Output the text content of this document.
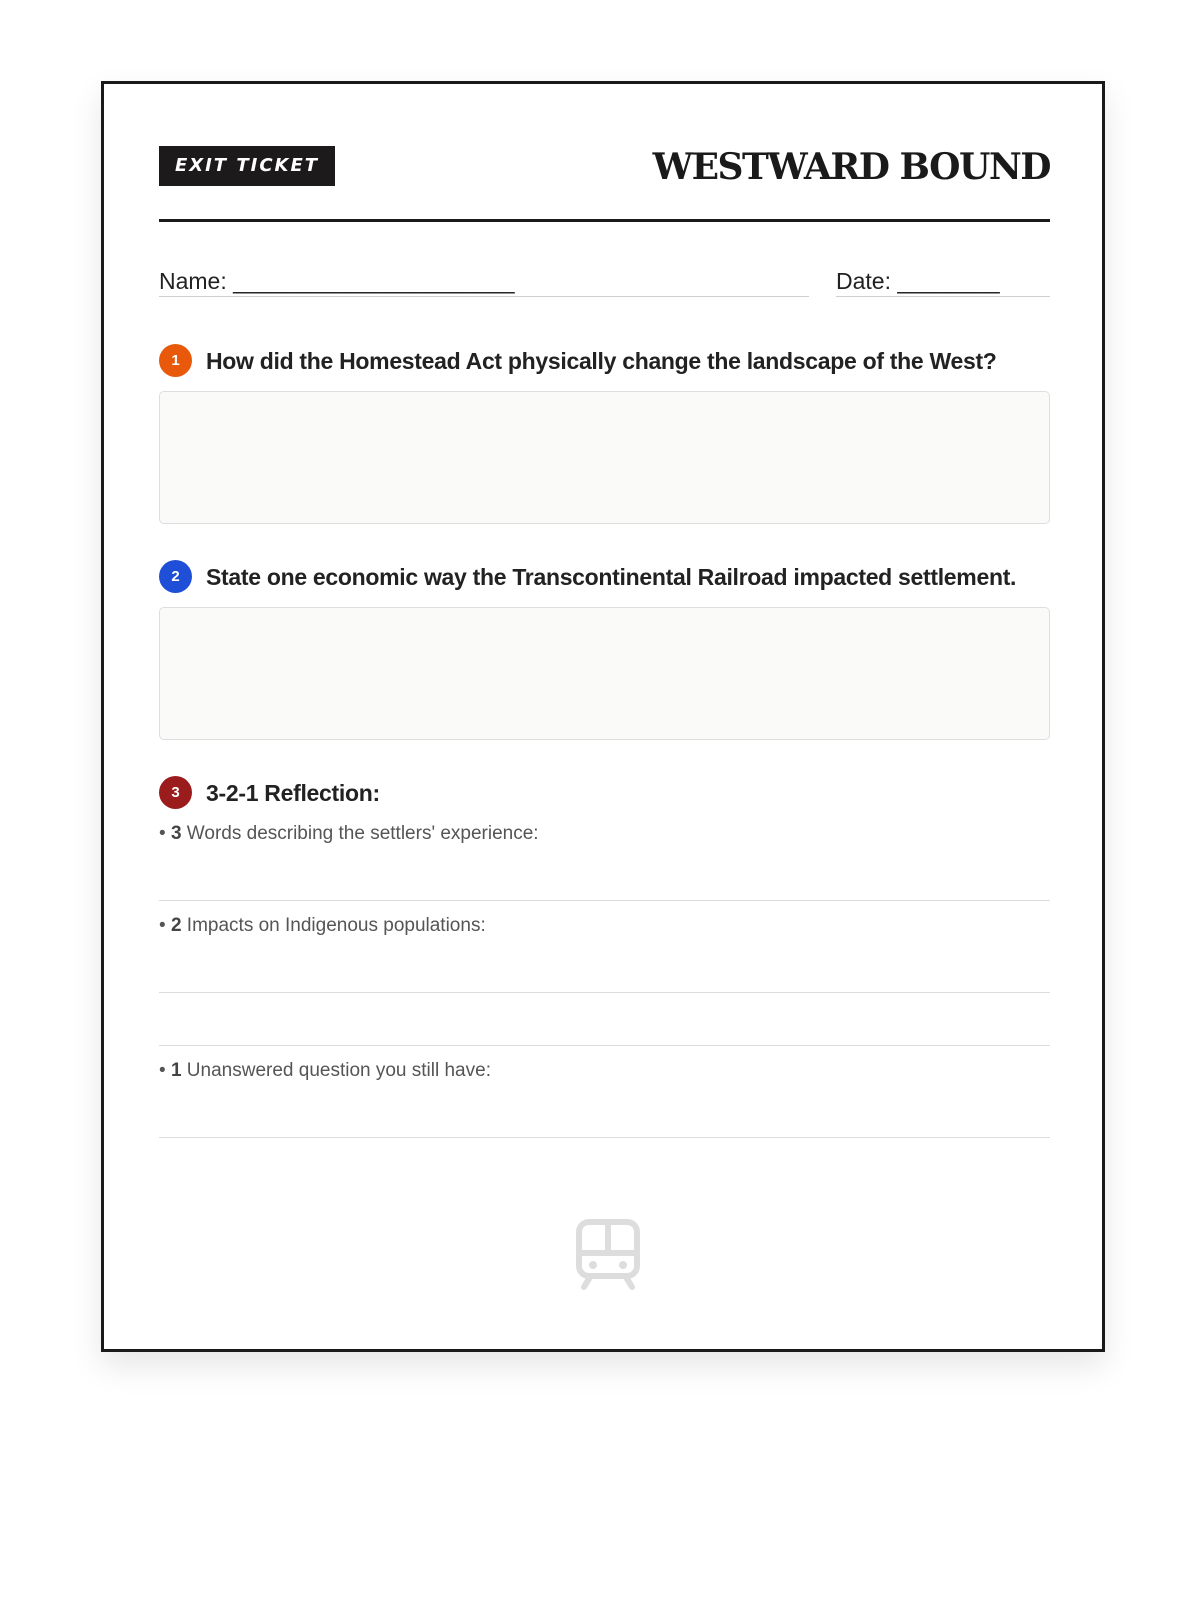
EXIT TICKET	WESTWARD BOUND
Name: ______________________	Date: ________
1	How did the Homestead Act physically change the landscape of the West?
2	State one economic way the Transcontinental Railroad impacted settlement.
3	3-2-1 Reflection:
• 3 Words describing the settlers' experience:
• 2 Impacts on Indigenous populations:
• 1 Unanswered question you still have:
